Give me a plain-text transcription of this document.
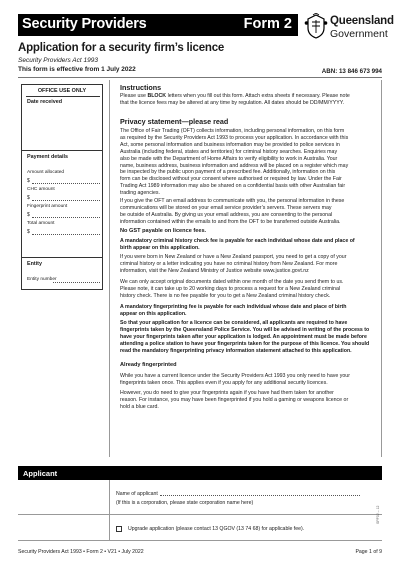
Security Providers	Form 2	Queensland
Government
Application for a security firm’s licence
Security Providers Act 1993
This form is effective from 1 July 2022	ABN: 13 846 673 994
OFFICE USE ONLY
Date received
Payment details
Amount allocated
$
CHC amount
$
Fingerprint amount
$
Total amount
$
Entity
Entity number
Instructions
Please use BLOCK letters when you fill out this form. Attach extra sheets if necessary. Please note
that the licence fees may be altered at any time by regulation. All dates should be DD/MM/YYYY.
Privacy statement—please read
The Office of Fair Trading (OFT) collects information, including personal information, on this form
as required by the Security Providers Act 1993 to process your application. In accordance with this
Act, some personal information and business information may be provided to police services in
Australia (including federal, states and territories) for criminal history searches. Enquiries may
also be made with the Department of Home Affairs to verify eligibility to work in Australia. Your
name, business address, business information and address will be placed on a register which may
be inspected by the public upon payment of a prescribed fee. Additionally, information on this
form can be disclosed without your consent where authorised or required by law. Under the Fair
Trading Act 1989 information may also be shared on a confidential basis with other Australian fair
trading agencies.
If you give the OFT an email address to communicate with you, the personal information in these
communications will be stored on your email service provider’s servers. These servers may
be outside of Australia. By giving us your email address, you are consenting to the personal
information contained within the emails to and from the OFT to be transferred outside Australia.
No GST payable on licence fees.
A mandatory criminal history check fee is payable for each individual whose date and place of
birth appear on this application.
If you were born in New Zealand or have a New Zealand passport, you need to get a copy of your
criminal history or a letter indicating you have no criminal history from New Zealand. For more
information, visit the New Zealand Ministry of Justice website www.justice.govt.nz
We can only accept original documents dated within one month of the date you send them to us.
Please note, it can take up to 20 working days to process a request for a New Zealand criminal
history check. There is no fee payable for you to get a New Zealand criminal history check.
A mandatory fingerprinting fee is payable for each individual whose date and place of birth
appear on this application.
So that your application for a licence can be considered, all applicants are required to have
fingerprints taken by the Queensland Police Service. You will be advised in writing of the process to
have your fingerprints taken after your application is lodged. An appointment must be made before
attending a police station to have your fingerprints taken for the purpose of this licence. You should
read the mandatory fingerprinting privacy information statement attached to this application.
Already fingerprinted
While you have a current licence under the Security Providers Act 1993 you only need to have your
fingerprints taken once. This applies even if you apply for any additional security licences.
However, you do need to give your fingerprints again if you have had them taken for another
reason. For instance, you may have been fingerprinted if you hold a gaming or weapons licence or
hold a blue card.
Applicant
Name of applicant
(If this is a corporation, please state corporation name here)
Upgrade application (please contact 13 QGOV (13 74 68) for applicable fee).
Security Providers Act 1993 • Form 2 • V21 • July 2022	Page 1 of 9
SPF02 – 12
